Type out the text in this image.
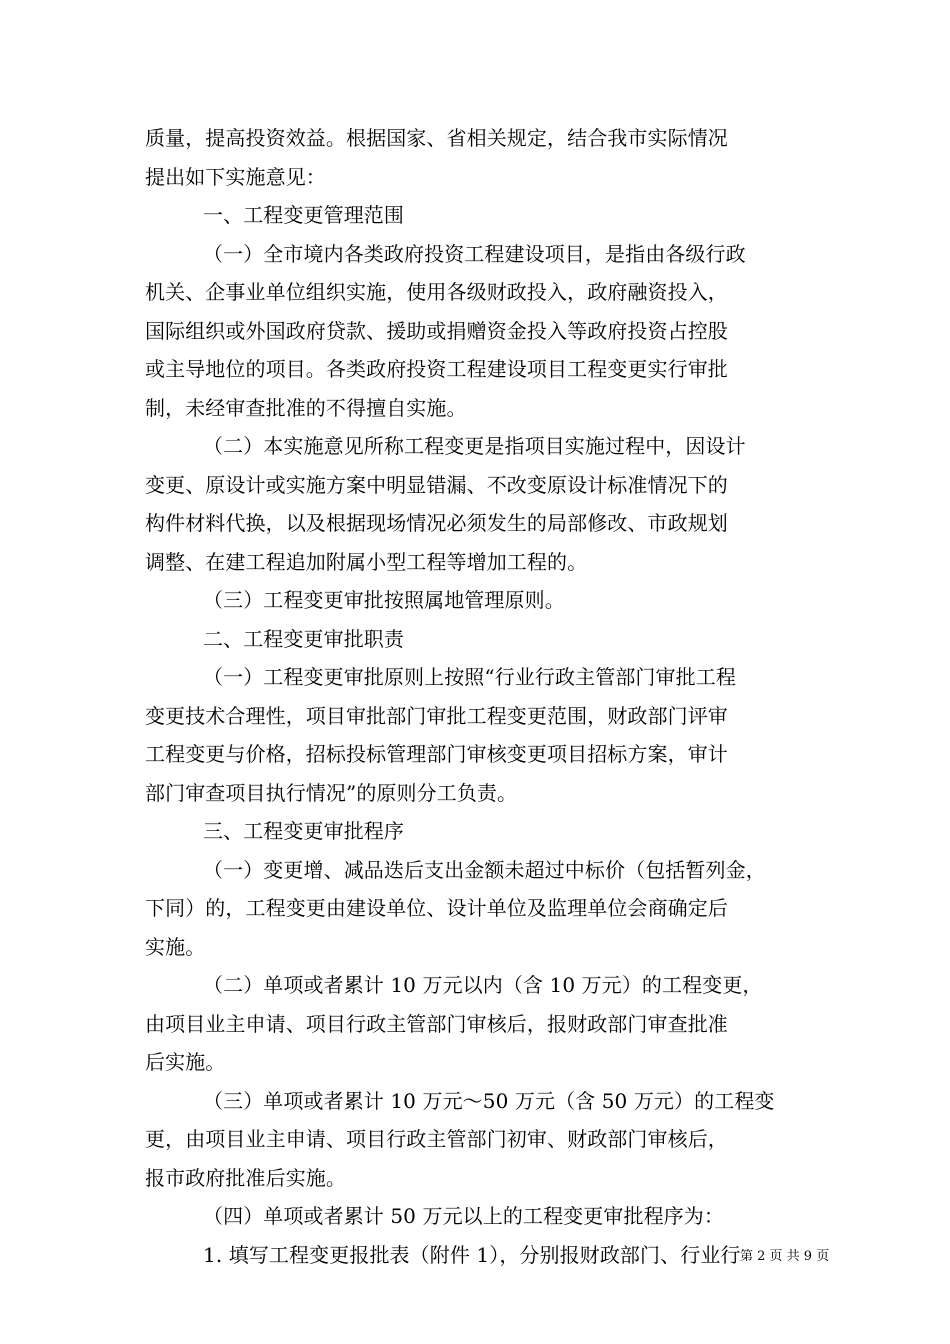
质量，提高投资效益。根据国家、省相关规定，结合我市实际情况
提出如下实施意见：
一、工程变更管理范围
（一）全市境内各类政府投资工程建设项目，是指由各级行政
机关、企事业单位组织实施，使用各级财政投入，政府融资投入，
国际组织或外国政府贷款、援助或捐赠资金投入等政府投资占控股
或主导地位的项目。各类政府投资工程建设项目工程变更实行审批
制，未经审查批准的不得擅自实施。
（二）本实施意见所称工程变更是指项目实施过程中，因设计
变更、原设计或实施方案中明显错漏、不改变原设计标准情况下的
构件材料代换，以及根据现场情况必须发生的局部修改、市政规划
调整、在建工程追加附属小型工程等增加工程的。
（三）工程变更审批按照属地管理原则。
二、工程变更审批职责
（一）工程变更审批原则上按照“行业行政主管部门审批工程
变更技术合理性，项目审批部门审批工程变更范围，财政部门评审
工程变更与价格，招标投标管理部门审核变更项目招标方案，审计
部门审查项目执行情况”的原则分工负责。
三、工程变更审批程序
（一）变更增、减品迭后支出金额未超过中标价（包括暂列金，
下同）的，工程变更由建设单位、设计单位及监理单位会商确定后
实施。
（二）单项或者累计 10 万元以内（含 10 万元）的工程变更，
由项目业主申请、项目行政主管部门审核后，报财政部门审查批准
后实施。
（三）单项或者累计 10 万元～50 万元（含 50 万元）的工程变
更，由项目业主申请、项目行政主管部门初审、财政部门审核后，
报市政府批准后实施。
（四）单项或者累计 50 万元以上的工程变更审批程序为：
1. 填写工程变更报批表（附件 1），分别报财政部门、行业行 第 2 页 共 9 页
